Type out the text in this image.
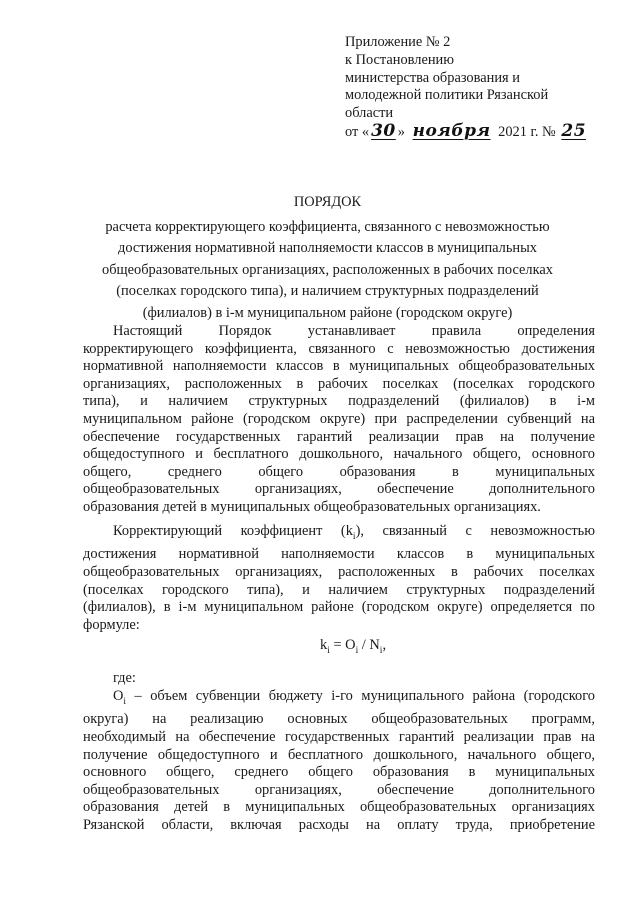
Приложение № 2
к Постановлению
министерства образования и
молодежной политики Рязанской
области
от « 30 » ноября 2021 г. № 25
ПОРЯДОК
расчета корректирующего коэффициента, связанного с невозможностью
достижения нормативной наполняемости классов в муниципальных
общеобразовательных организациях, расположенных в рабочих поселках
(поселках городского типа), и наличием структурных подразделений
(филиалов) в i-м муниципальном районе (городском округе)
Настоящий Порядок устанавливает правила определения
корректирующего коэффициента, связанного с невозможностью достижения
нормативной наполняемости классов в муниципальных общеобразовательных
организациях, расположенных в рабочих поселках (поселках городского
типа), и наличием структурных подразделений (филиалов) в i-м
муниципальном районе (городском округе) при распределении субвенций на
обеспечение государственных гарантий реализации прав на получение
общедоступного и бесплатного дошкольного, начального общего, основного
общего, среднего общего образования в муниципальных
общеобразовательных организациях, обеспечение дополнительного
образования детей в муниципальных общеобразовательных организациях.
Корректирующий коэффициент $(k_i)$, связанный с невозможностью
достижения нормативной наполняемости классов в муниципальных
общеобразовательных организациях, расположенных в рабочих поселках
(поселках городского типа), и наличием структурных подразделений
(филиалов), в i-м муниципальном районе (городском округе) определяется по
формуле:
$k_i = O_i / N_i$,
где:
$O_i$ – объем субвенции бюджету i-го муниципального района (городского
округа) на реализацию основных общеобразовательных программ,
необходимый на обеспечение государственных гарантий реализации прав на
получение общедоступного и бесплатного дошкольного, начального общего,
основного общего, среднего общего образования в муниципальных
общеобразовательных организациях, обеспечение дополнительного
образования детей в муниципальных общеобразовательных организациях
Рязанской области, включая расходы на оплату труда, приобретение
